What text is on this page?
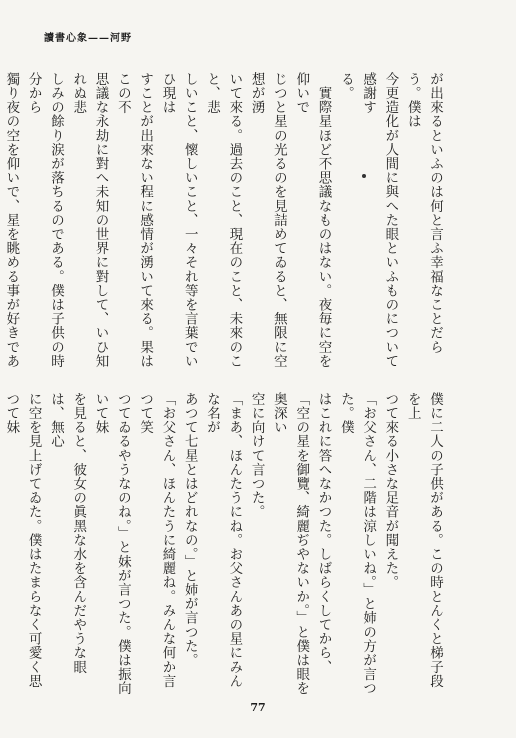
讀書心象——河野

が出來るといふのは何と言ふ幸福なことだらう。僕は

今更造化が人間に與へた眼といふものについて感謝す

る。

　實際星ほど不思議なものはない。夜毎に空を仰いで

じつと星の光るのを見詰めてゐると、無限に空想が湧

いて來る。過去のこと、現在のこと、未來のこと、悲

しいこと、懷しいこと、一々それ等を言葉でいひ現は

すことが出來ない程に感情が湧いて來る。果はこの不

思議な永劫に對へ未知の世界に對して、いひ知れぬ悲

しみの餘り涙が落ちるのである。僕は子供の時分から

獨り夜の空を仰いで、星を眺める事が好きであ

僕に二人の子供がある。この時とんくと梯子段を上

つて來る小さな足音が聞えた。

「お父さん、二階は涼しいね。」と姉の方が言つた。僕

はこれに答へなかつた。しばらくしてから、

「空の星を御覽、綺麗ぢやないか。」と僕は眼を奥深い

空に向けて言つた。

「まあ、ほんたうにね。お父さんあの星にみんな名が

あつて七星とはどれなの。」と姉が言つた。

「お父さん、ほんたうに綺麗ね。みんな何か言つて笑

つてゐるやうなのね。」と妹が言つた。僕は振向いて妹

を見ると、彼女の眞黑な水を含んだやうな眼は、無心

に空を見上げてゐた。僕はたまらなく可愛く思つて妹

77
